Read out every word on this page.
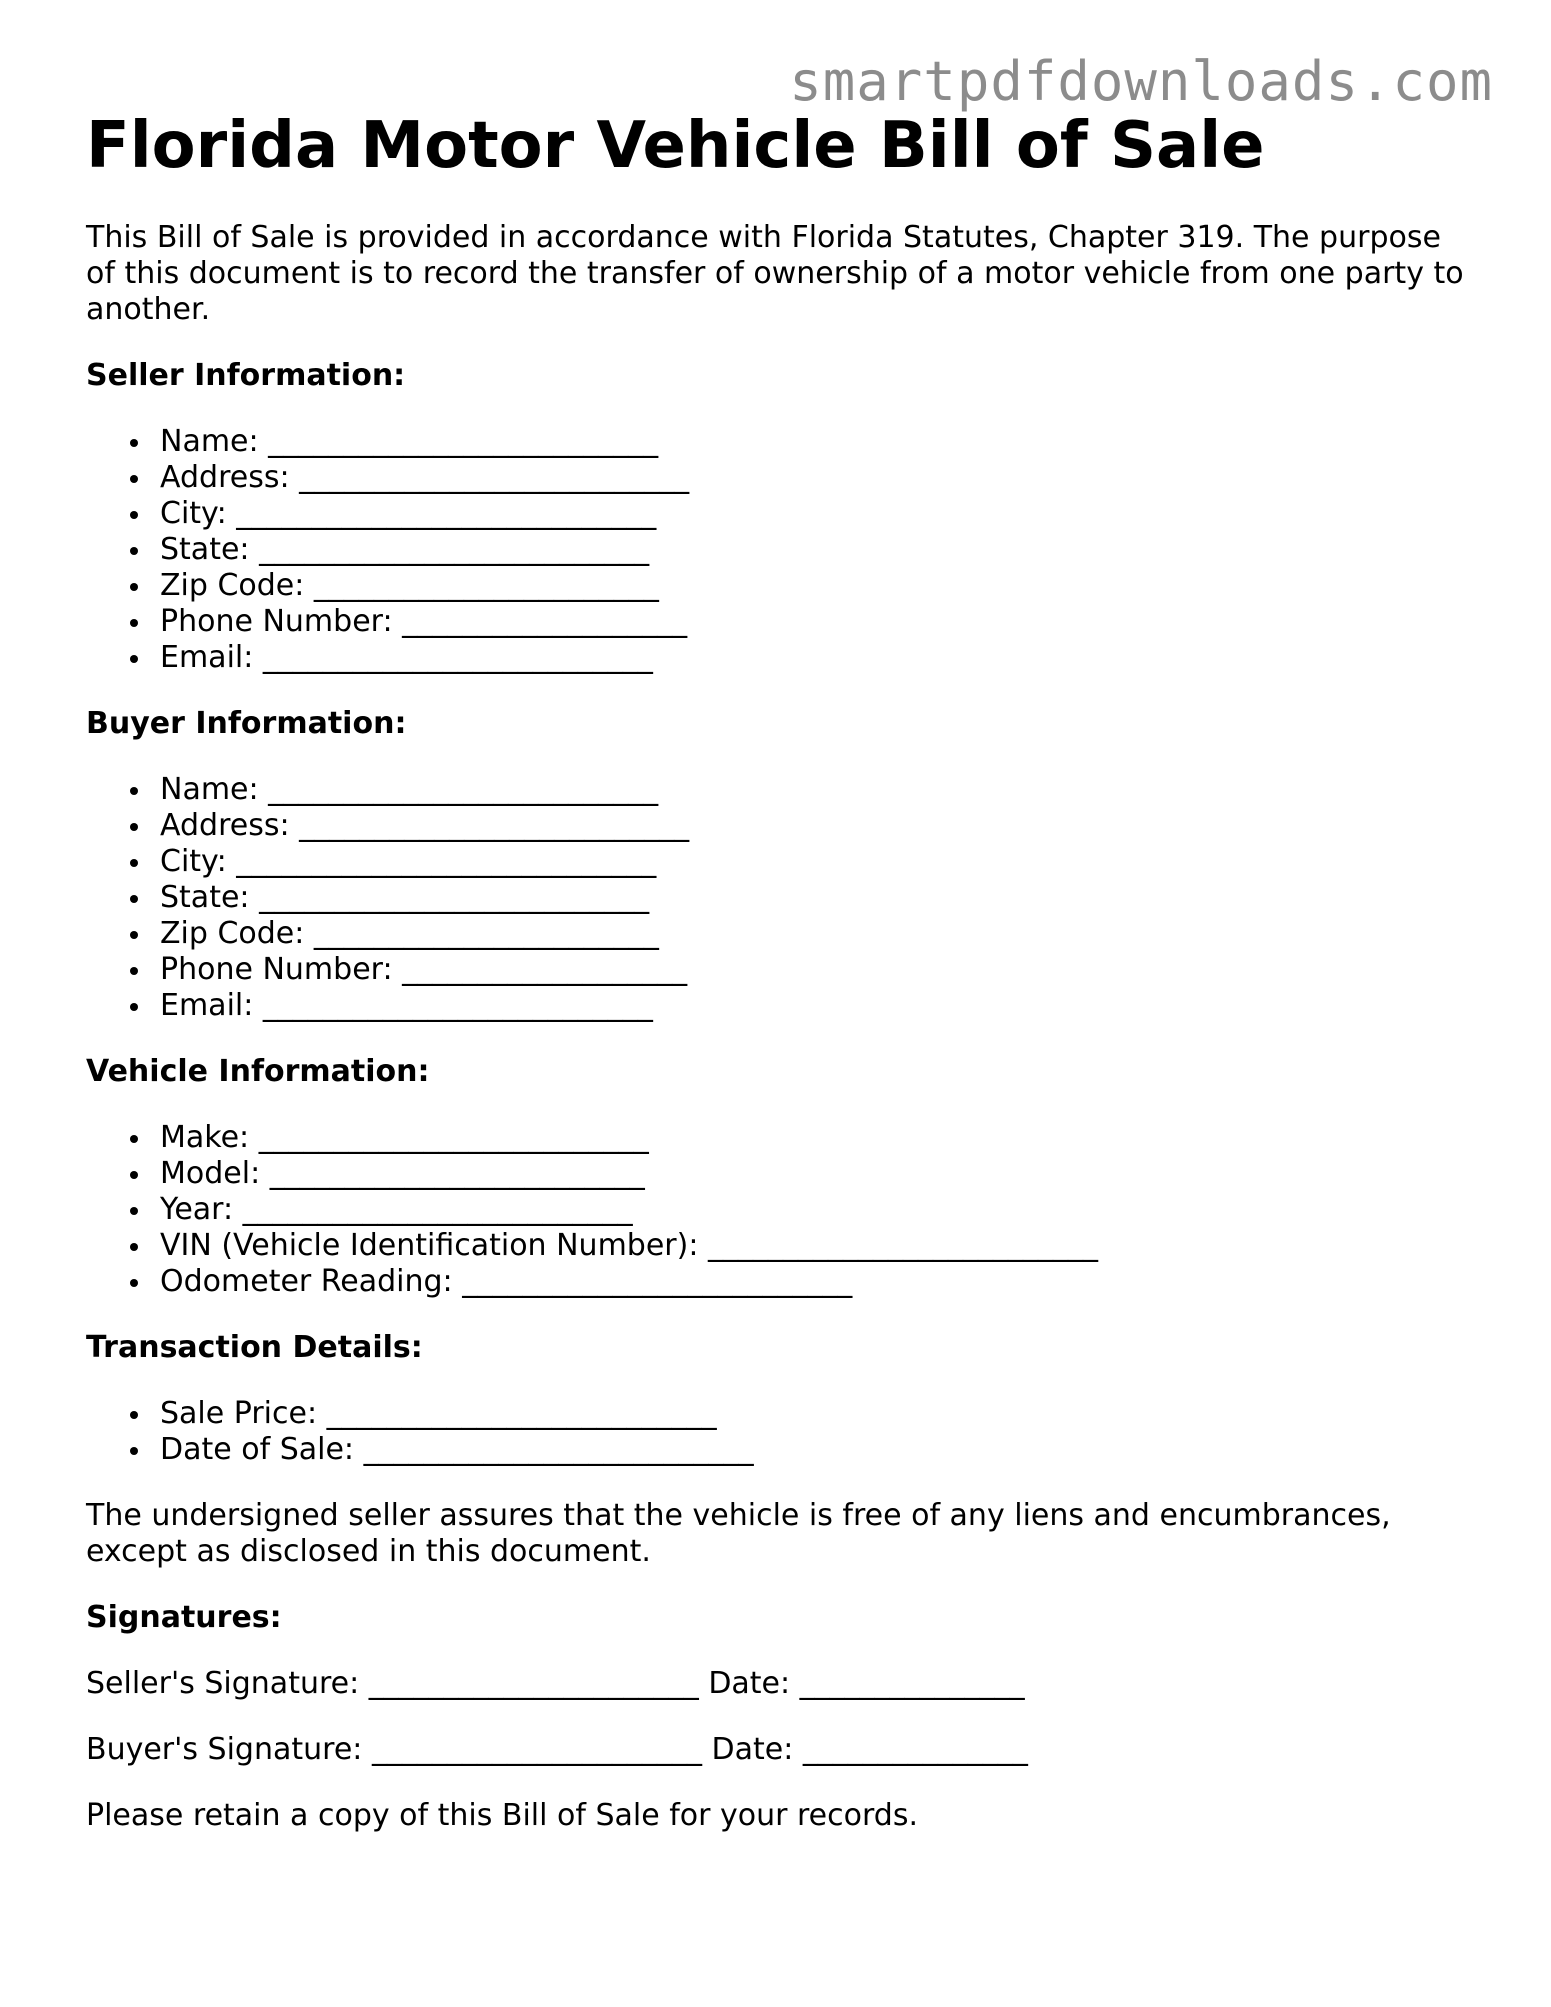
smartpdfdownloads.com
Florida Motor Vehicle Bill of Sale

This Bill of Sale is provided in accordance with Florida Statutes, Chapter 319. The purpose of this document is to record the transfer of ownership of a motor vehicle from one party to another.

Seller Information:
Name: __________________________
Address: __________________________
City: ____________________________
State: __________________________
Zip Code: _______________________
Phone Number: ___________________
Email: __________________________
Buyer Information:
Name: __________________________
Address: __________________________
City: ____________________________
State: __________________________
Zip Code: _______________________
Phone Number: ___________________
Email: __________________________
Vehicle Information:
Make: __________________________
Model: _________________________
Year: __________________________
VIN (Vehicle Identification Number): __________________________
Odometer Reading: __________________________
Transaction Details:
Sale Price: __________________________
Date of Sale: __________________________

The undersigned seller assures that the vehicle is free of any liens and encumbrances, except as disclosed in this document.

Signatures:

Seller's Signature: ______________________ Date: _______________

Buyer's Signature: ______________________ Date: _______________

Please retain a copy of this Bill of Sale for your records.
